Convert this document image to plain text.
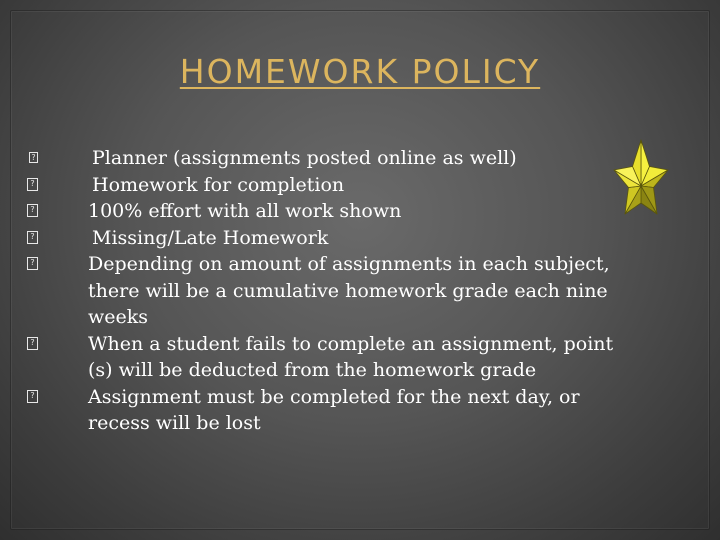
HOMEWORK POLICY
?	Planner (assignments posted online as well)
?	Homework for completion
?	100% effort with all work shown
?	Missing/Late Homework
?	Depending on amount of assignments in each subject, there will be a cumulative homework grade each nine weeks
?	When a student fails to complete an assignment, point (s) will be deducted from the homework grade
?	Assignment must be completed for the next day, or recess will be lost
